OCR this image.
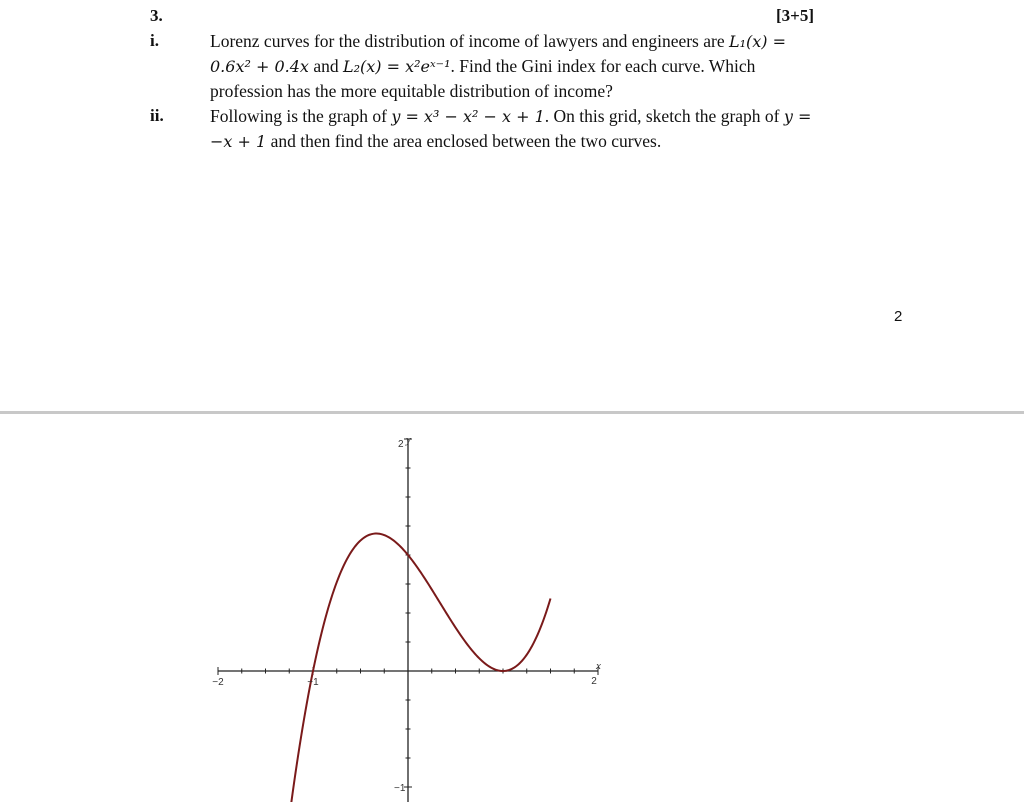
3.	[3+5]
i.	Lorenz curves for the distribution of income of lawyers and engineers are L₁(x) =
0.6x² + 0.4x and L₂(x) = x²eˣ⁻¹. Find the Gini index for each curve. Which
profession has the more equitable distribution of income?

ii.	Following is the graph of y = x³ − x² − x + 1. On this grid, sketch the graph of y =
−x + 1 and then find the area enclosed between the two curves.

2
−2	−1	2
2
−1
x
y
